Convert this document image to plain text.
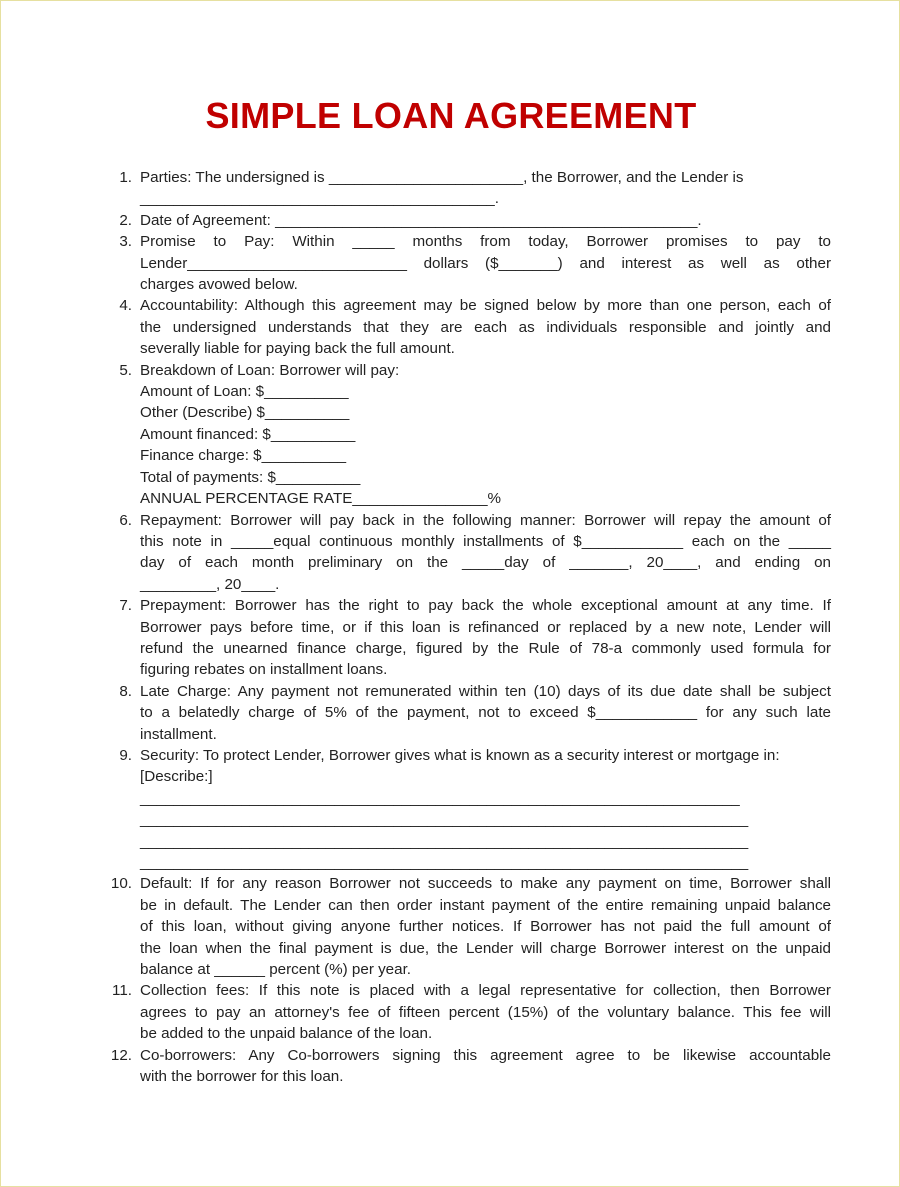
SIMPLE LOAN AGREEMENT
1. Parties: The undersigned is _______________________, the Borrower, and the Lender is
__________________________________________.
2. Date of Agreement: __________________________________________________.
3. Promise to Pay: Within _____ months from today, Borrower promises to pay to
Lender__________________________ dollars ($_______) and interest as well as other
charges avowed below.
4. Accountability: Although this agreement may be signed below by more than one person, each of
the undersigned understands that they are each as individuals responsible and jointly and
severally liable for paying back the full amount.
5. Breakdown of Loan: Borrower will pay:
Amount of Loan: $__________
Other (Describe) $__________
Amount financed: $__________
Finance charge: $__________
Total of payments: $__________
ANNUAL PERCENTAGE RATE________________%
6. Repayment: Borrower will pay back in the following manner: Borrower will repay the amount of
this note in _____equal continuous monthly installments of $____________ each on the _____
day of each month preliminary on the _____day of _______, 20____, and ending on
_________, 20____.
7. Prepayment: Borrower has the right to pay back the whole exceptional amount at any time. If
Borrower pays before time, or if this loan is refinanced or replaced by a new note, Lender will
refund the unearned finance charge, figured by the Rule of 78-a commonly used formula for
figuring rebates on installment loans.
8. Late Charge: Any payment not remunerated within ten (10) days of its due date shall be subject
to a belatedly charge of 5% of the payment, not to exceed $____________ for any such late
installment.
9. Security: To protect Lender, Borrower gives what is known as a security interest or mortgage in:
[Describe:]
_______________________________________________________________________
________________________________________________________________________
________________________________________________________________________
________________________________________________________________________
10. Default: If for any reason Borrower not succeeds to make any payment on time, Borrower shall
be in default. The Lender can then order instant payment of the entire remaining unpaid balance
of this loan, without giving anyone further notices. If Borrower has not paid the full amount of
the loan when the final payment is due, the Lender will charge Borrower interest on the unpaid
balance at ______ percent (%) per year.
11. Collection fees: If this note is placed with a legal representative for collection, then Borrower
agrees to pay an attorney's fee of fifteen percent (15%) of the voluntary balance. This fee will
be added to the unpaid balance of the loan.
12. Co-borrowers: Any Co-borrowers signing this agreement agree to be likewise accountable
with the borrower for this loan.
